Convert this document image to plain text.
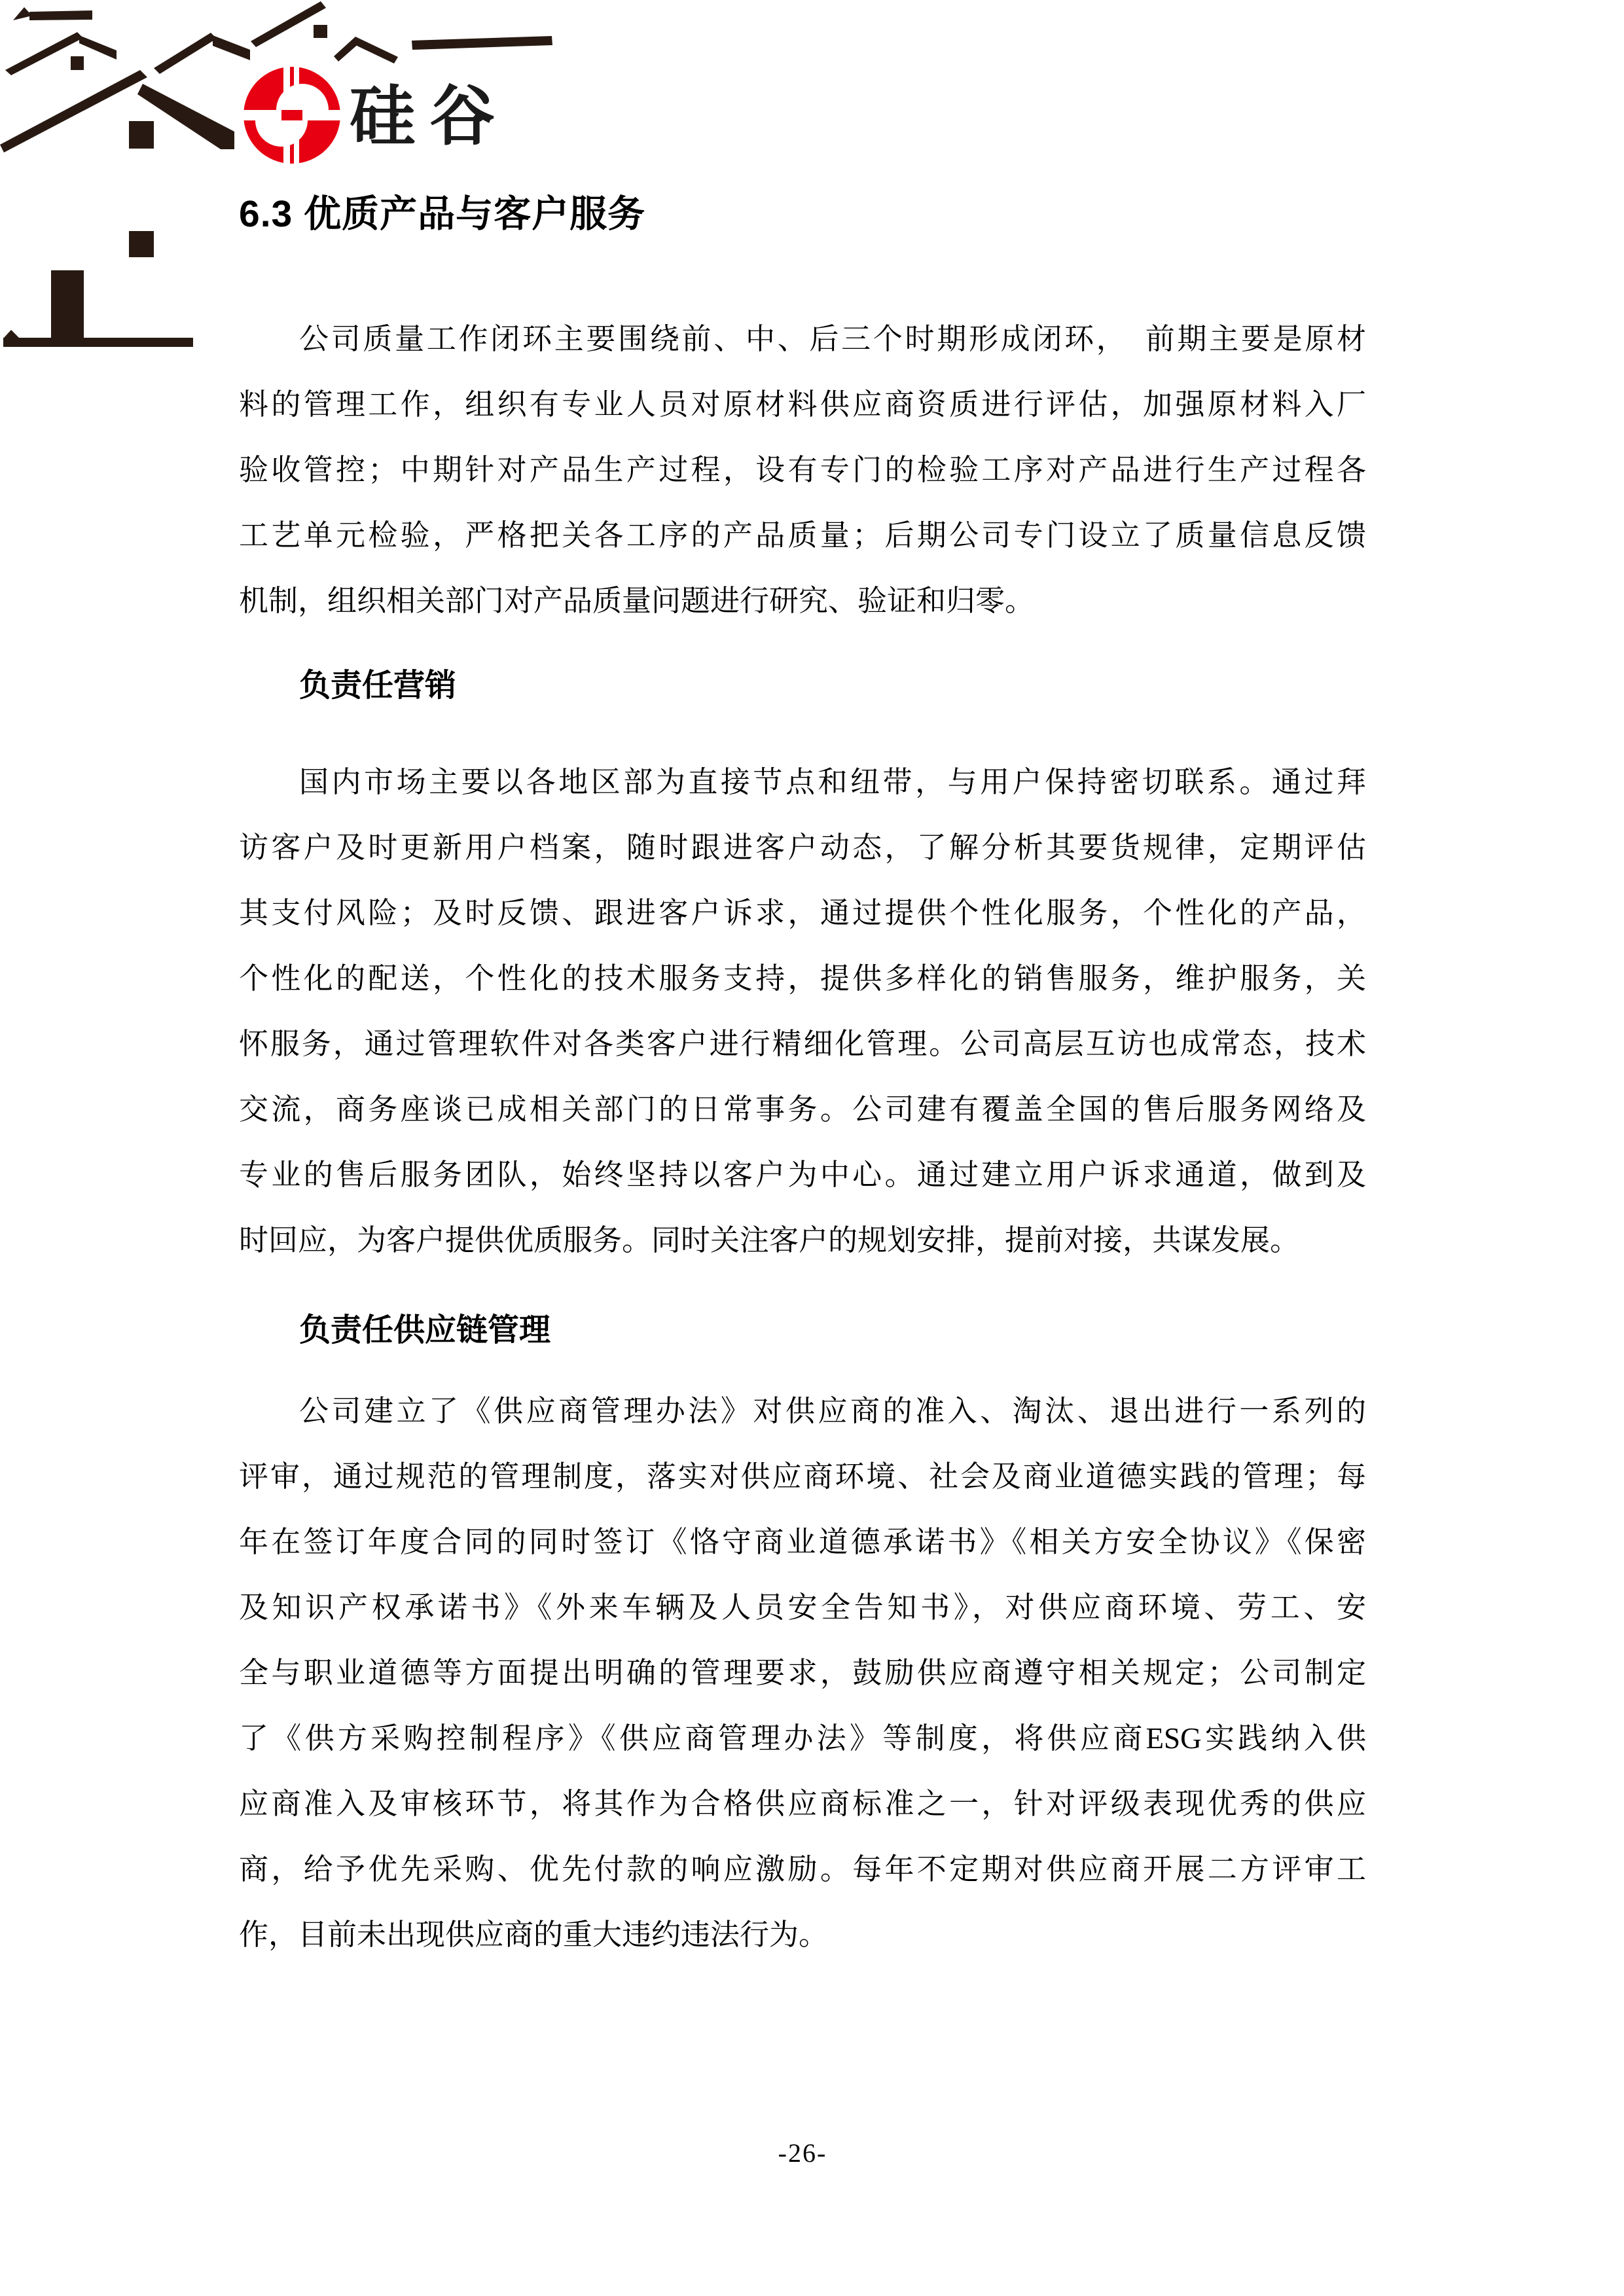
硅谷
6.3 优质产品与客户服务
公司质量工作闭环主要围绕前、中、后三个时期形成闭环，　前期主要是原材
料的管理工作，组织有专业人员对原材料供应商资质进行评估，加强原材料入厂
验收管控；中期针对产品生产过程，设有专门的检验工序对产品进行生产过程各
工艺单元检验，严格把关各工序的产品质量；后期公司专门设立了质量信息反馈
机制，组织相关部门对产品质量问题进行研究、验证和归零。
负责任营销
国内市场主要以各地区部为直接节点和纽带，与用户保持密切联系。通过拜
访客户及时更新用户档案，随时跟进客户动态，了解分析其要货规律，定期评估
其支付风险；及时反馈、跟进客户诉求，通过提供个性化服务，个性化的产品，
个性化的配送，个性化的技术服务支持，提供多样化的销售服务，维护服务，关
怀服务，通过管理软件对各类客户进行精细化管理。公司高层互访也成常态，技术
交流，商务座谈已成相关部门的日常事务。公司建有覆盖全国的售后服务网络及
专业的售后服务团队，始终坚持以客户为中心。通过建立用户诉求通道，做到及
时回应，为客户提供优质服务。同时关注客户的规划安排，提前对接，共谋发展。
负责任供应链管理
公司建立了《供应商管理办法》对供应商的准入、淘汰、退出进行一系列的
评审，通过规范的管理制度，落实对供应商环境、社会及商业道德实践的管理；每
年在签订年度合同的同时签订《恪守商业道德承诺书》《相关方安全协议》《保密
及知识产权承诺书》《外来车辆及人员安全告知书》，对供应商环境、劳工、安
全与职业道德等方面提出明确的管理要求，鼓励供应商遵守相关规定；公司制定
了《供方采购控制程序》《供应商管理办法》等制度，将供应商ESG实践纳入供
应商准入及审核环节，将其作为合格供应商标准之一，针对评级表现优秀的供应
商，给予优先采购、优先付款的响应激励。每年不定期对供应商开展二方评审工
作，目前未出现供应商的重大违约违法行为。
-26-
